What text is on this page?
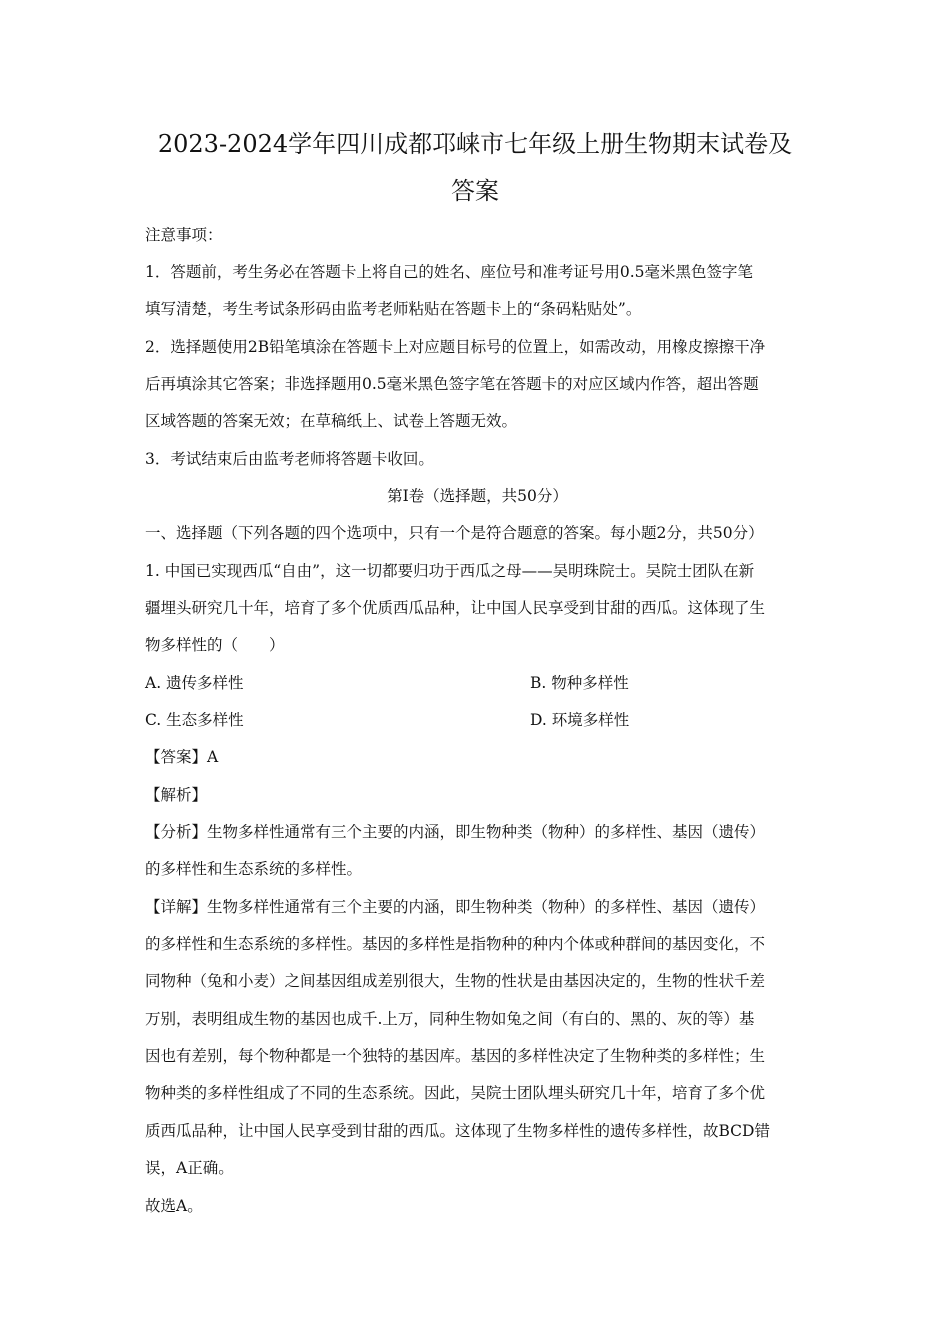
2023-2024学年四川成都邛崃市七年级上册生物期末试卷及
答案
注意事项：
1．答题前，考生务必在答题卡上将自己的姓名、座位号和准考证号用0.5毫米黑色签字笔
填写清楚，考生考试条形码由监考老师粘贴在答题卡上的“条码粘贴处”。
2．选择题使用2B铅笔填涂在答题卡上对应题目标号的位置上，如需改动，用橡皮擦擦干净
后再填涂其它答案；非选择题用0.5毫米黑色签字笔在答题卡的对应区域内作答，超出答题
区域答题的答案无效；在草稿纸上、试卷上答题无效。
3．考试结束后由监考老师将答题卡收回。
第Ⅰ卷（选择题，共50分）
一、选择题（下列各题的四个选项中，只有一个是符合题意的答案。每小题2分，共50分）
1. 中国已实现西瓜“自由”，这一切都要归功于西瓜之母——吴明珠院士。吴院士团队在新
疆埋头研究几十年，培育了多个优质西瓜品种，让中国人民享受到甘甜的西瓜。这体现了生
物多样性的（　　）
A. 遗传多样性	B. 物种多样性
C. 生态多样性	D. 环境多样性
【答案】A
【解析】
【分析】生物多样性通常有三个主要的内涵，即生物种类（物种）的多样性、基因（遗传）
的多样性和生态系统的多样性。
【详解】生物多样性通常有三个主要的内涵，即生物种类（物种）的多样性、基因（遗传）
的多样性和生态系统的多样性。基因的多样性是指物种的种内个体或种群间的基因变化，不
同物种（兔和小麦）之间基因组成差别很大，生物的性状是由基因决定的，生物的性状千差
万别，表明组成生物的基因也成千.上万，同种生物如兔之间（有白的、黑的、灰的等）基
因也有差别，每个物种都是一个独特的基因库。基因的多样性决定了生物种类的多样性；生
物种类的多样性组成了不同的生态系统。因此，吴院士团队埋头研究几十年，培育了多个优
质西瓜品种，让中国人民享受到甘甜的西瓜。这体现了生物多样性的遗传多样性，故BCD错
误，A正确。
故选A。
